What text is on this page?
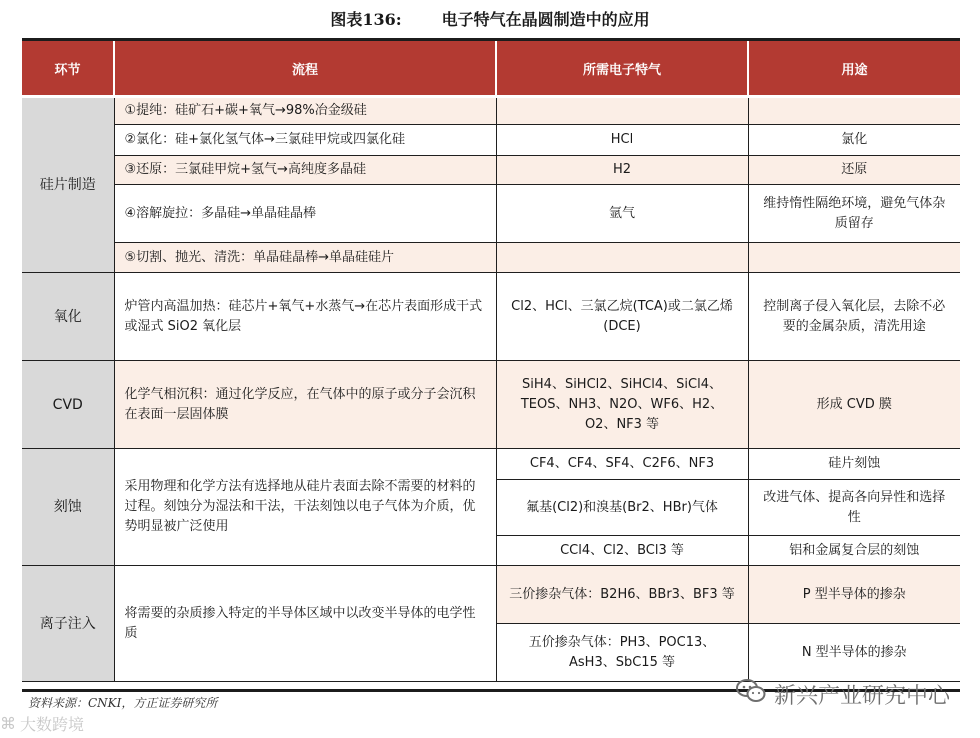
图表136:	电子特气在晶圆制造中的应用
环节	流程	所需电子特气	用途
硅片制造	①提纯：硅矿石+碳+氧气→98%冶金级硅		
	②氯化：硅+氯化氢气体→三氯硅甲烷或四氯化硅	HCl	氯化
	③还原：三氯硅甲烷+氢气→高纯度多晶硅	H2	还原
	④溶解旋拉：多晶硅→单晶硅晶棒	氩气	维持惰性隔绝环境，避免气体杂质留存
	⑤切割、抛光、清洗：单晶硅晶棒→单晶硅硅片		
氧化	炉管内高温加热：硅芯片+氧气+水蒸气→在芯片表面形成干式或湿式 SiO2 氧化层	Cl2、HCl、三氯乙烷(TCA)或二氯乙烯(DCE)	控制离子侵入氧化层，去除不必要的金属杂质，清洗用途
CVD	化学气相沉积：通过化学反应，在气体中的原子或分子会沉积在表面一层固体膜	SiH4、SiHCl2、SiHCl4、SiCl4、TEOS、NH3、N2O、WF6、H2、O2、NF3 等	形成 CVD 膜
刻蚀	采用物理和化学方法有选择地从硅片表面去除不需要的材料的过程。刻蚀分为湿法和干法，干法刻蚀以电子气体为介质，优势明显被广泛使用	CF4、CF4、SF4、C2F6、NF3	硅片刻蚀
		氟基(Cl2)和溴基(Br2、HBr)气体	改进气体、提高各向异性和选择性
		CCl4、Cl2、BCl3 等	铝和金属复合层的刻蚀
离子注入	将需要的杂质掺入特定的半导体区域中以改变半导体的电学性质	三价掺杂气体：B2H6、BBr3、BF3 等	P 型半导体的掺杂
		五价掺杂气体：PH3、POC13、AsH3、SbC15 等	N 型半导体的掺杂
资料来源：CNKI，方正证券研究所	新兴产业研究中心
⌘ 大数跨境
